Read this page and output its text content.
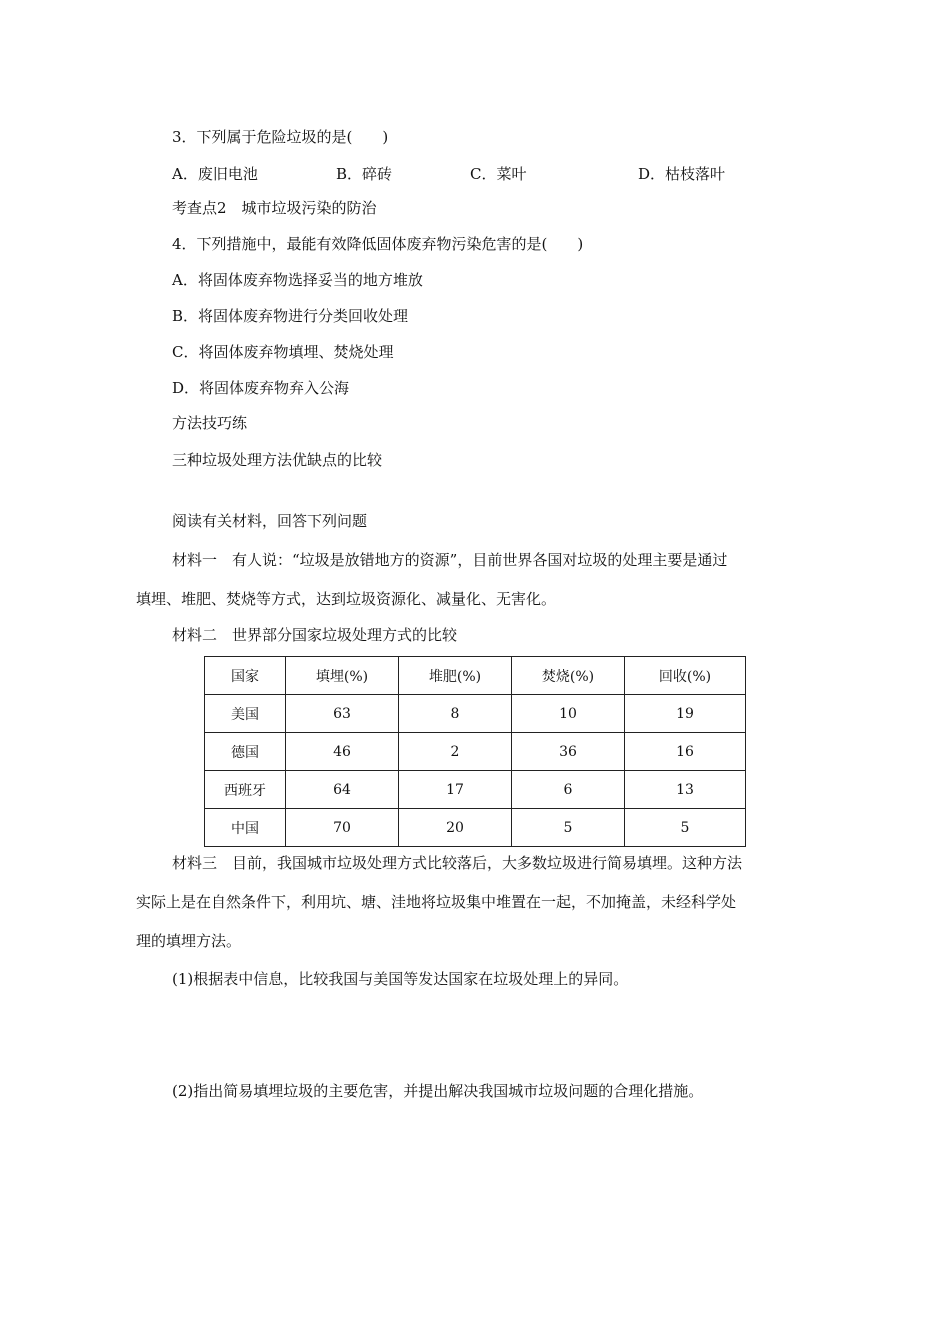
3．下列属于危险垃圾的是(　　)
A．废旧电池	B．碎砖	C．菜叶	D．枯枝落叶
考查点2　城市垃圾污染的防治
4．下列措施中，最能有效降低固体废弃物污染危害的是(　　)
A．将固体废弃物选择妥当的地方堆放
B．将固体废弃物进行分类回收处理
C．将固体废弃物填埋、焚烧处理
D．将固体废弃物弃入公海
方法技巧练
三种垃圾处理方法优缺点的比较
阅读有关材料，回答下列问题
材料一　有人说：“垃圾是放错地方的资源”，目前世界各国对垃圾的处理主要是通过
填埋、堆肥、焚烧等方式，达到垃圾资源化、减量化、无害化。
材料二　世界部分国家垃圾处理方式的比较
国家	填埋(%)	堆肥(%)	焚烧(%)	回收(%)
美国	63	8	10	19
德国	46	2	36	16
西班牙	64	17	6	13
中国	70	20	5	5
材料三　目前，我国城市垃圾处理方式比较落后，大多数垃圾进行简易填埋。这种方法
实际上是在自然条件下，利用坑、塘、洼地将垃圾集中堆置在一起，不加掩盖，未经科学处
理的填埋方法。
(1)根据表中信息，比较我国与美国等发达国家在垃圾处理上的异同。
(2)指出简易填埋垃圾的主要危害，并提出解决我国城市垃圾问题的合理化措施。
